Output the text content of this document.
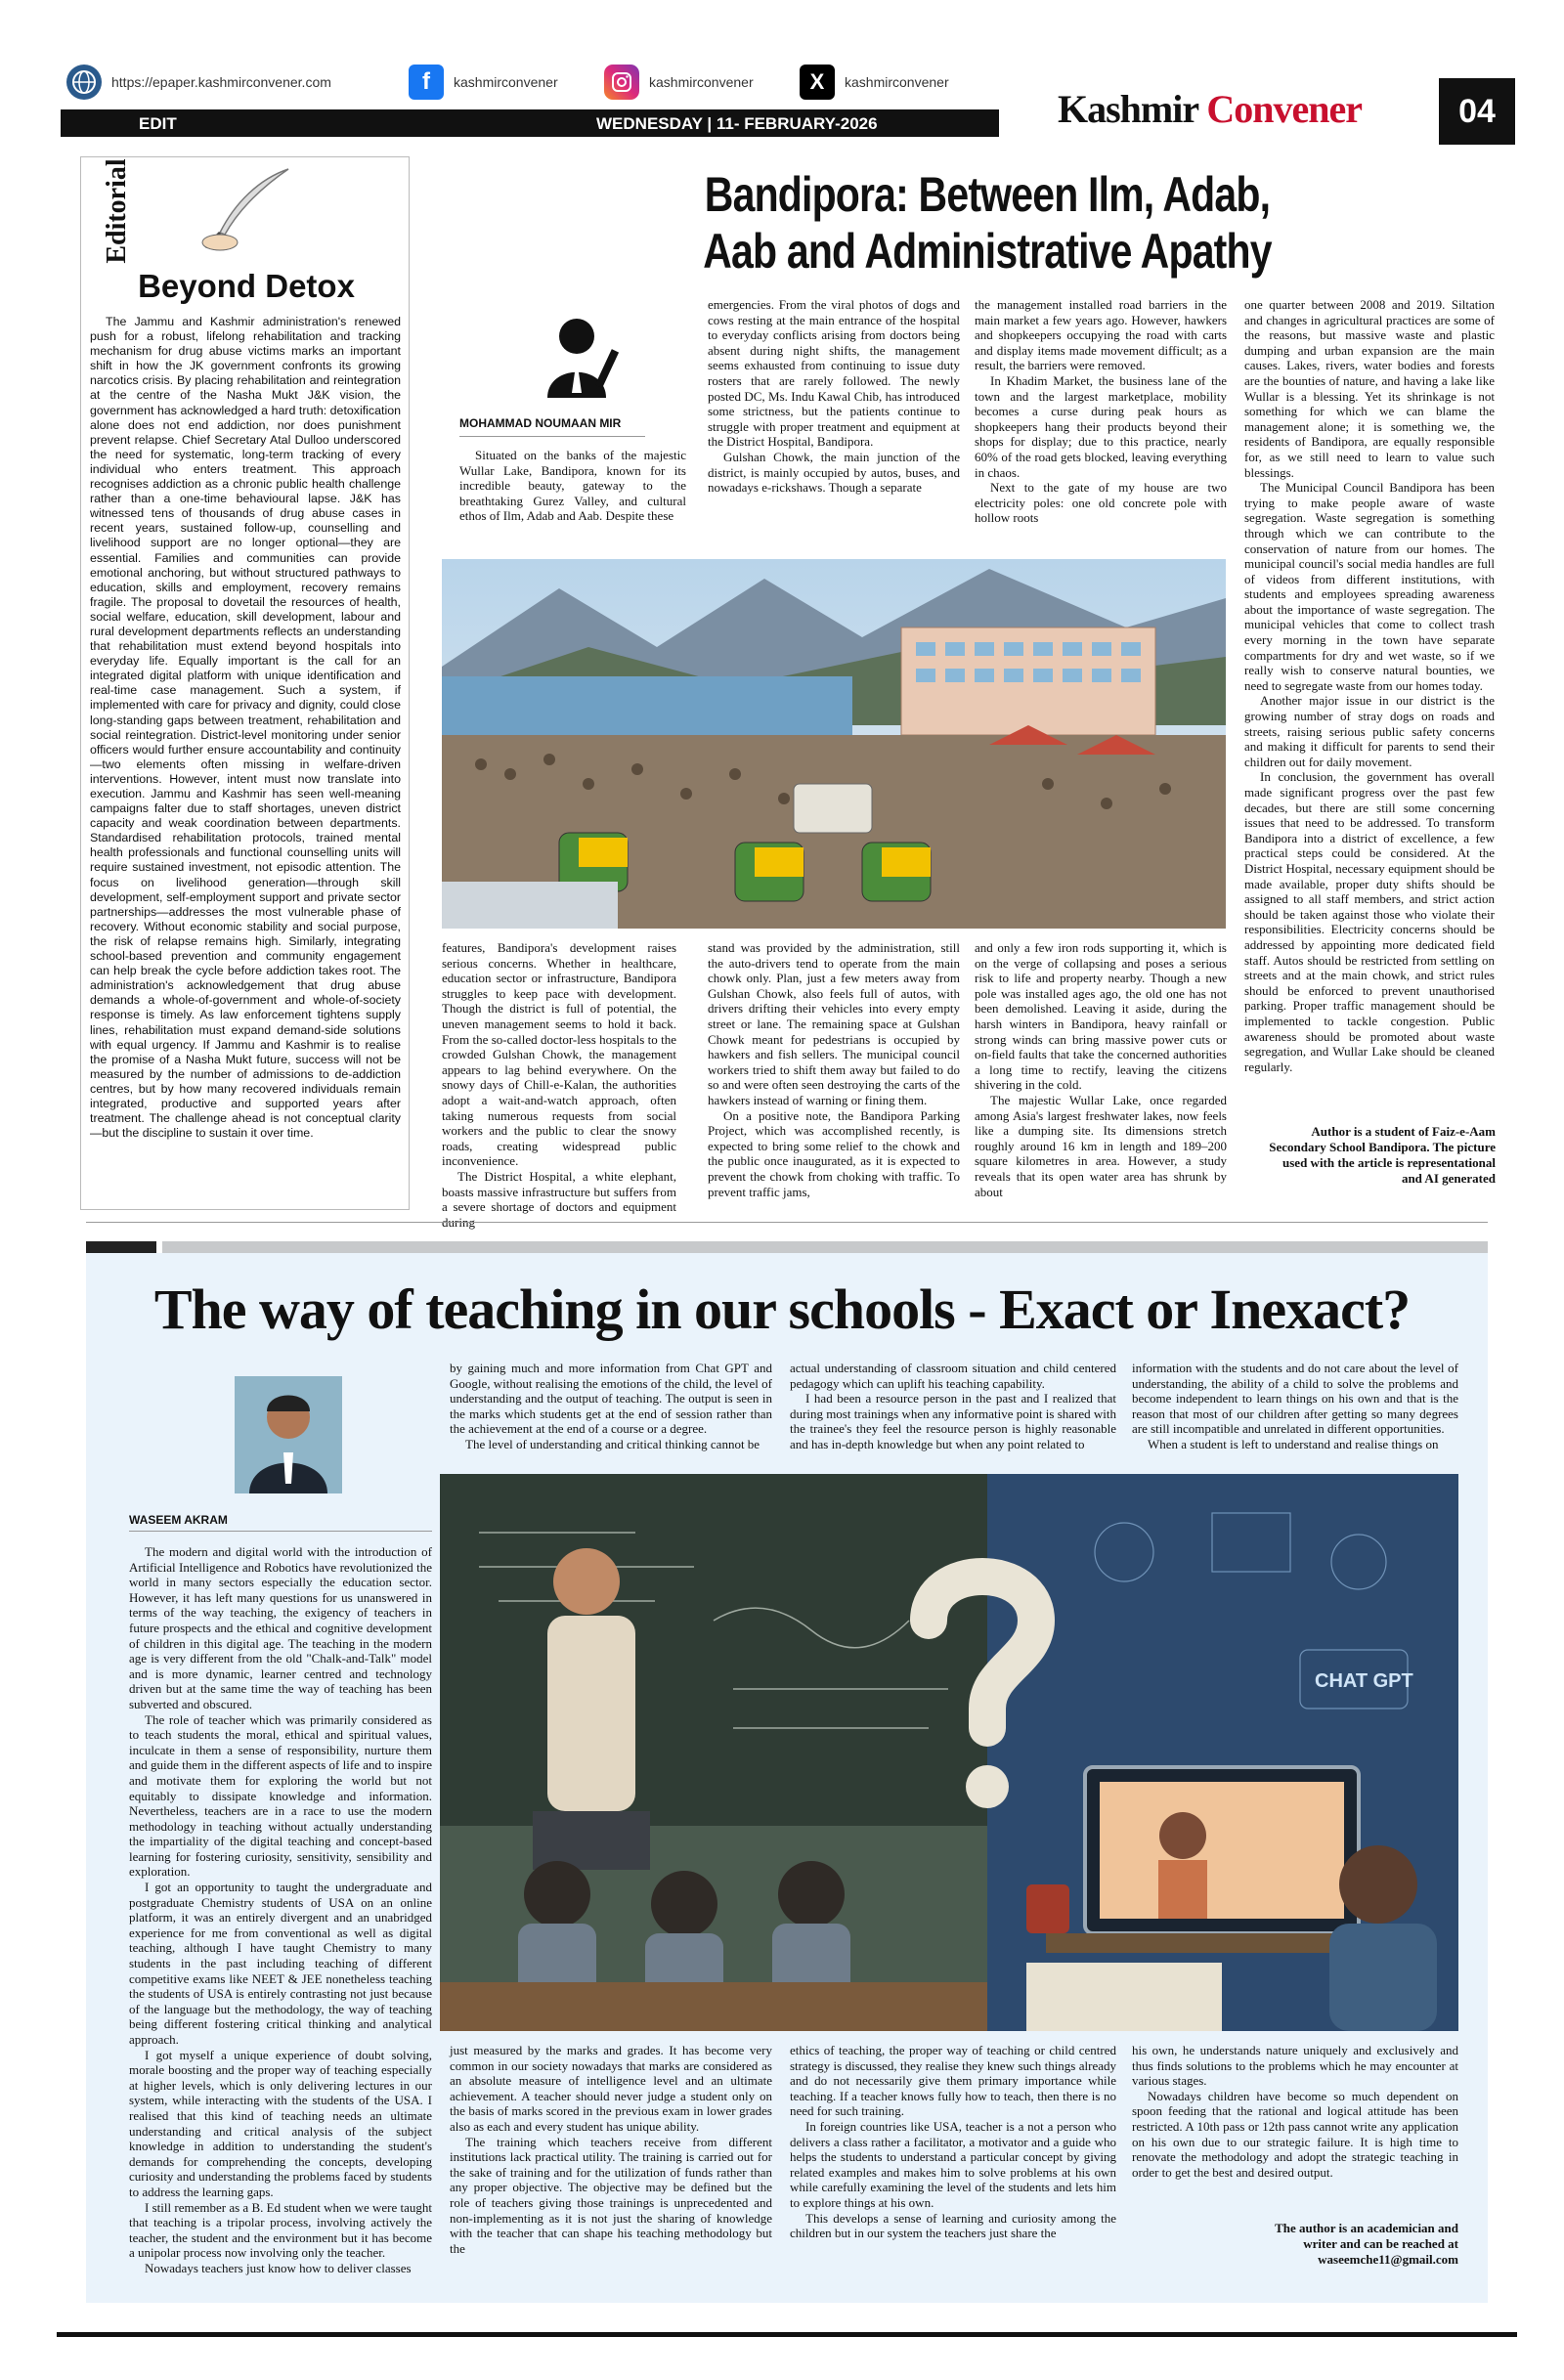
https://epaper.kashmirconvener.com	f	kashmirconvener	kashmirconvener	X	kashmirconvener
EDIT	WEDNESDAY | 11- FEBRUARY-2026	Kashmir Convener	04
Editorial
Beyond Detox

The Jammu and Kashmir administration's renewed push for a robust, lifelong rehabilitation and tracking mechanism for drug abuse victims marks an important shift in how the JK government confronts its growing narcotics crisis. By placing rehabilitation and reintegration at the centre of the Nasha Mukt J&K vision, the government has acknowledged a hard truth: detoxification alone does not end addiction, nor does punishment prevent relapse. Chief Secretary Atal Dulloo underscored the need for systematic, long-term tracking of every individual who enters treatment. This approach recognises addiction as a chronic public health challenge rather than a one-time behavioural lapse. J&K has witnessed tens of thousands of drug abuse cases in recent years, sustained follow-up, counselling and livelihood support are no longer optional—they are essential. Families and communities can provide emotional anchoring, but without structured pathways to education, skills and employment, recovery remains fragile. The proposal to dovetail the resources of health, social welfare, education, skill development, labour and rural development departments reflects an understanding that rehabilitation must extend beyond hospitals into everyday life. Equally important is the call for an integrated digital platform with unique identification and real-time case management. Such a system, if implemented with care for privacy and dignity, could close long-standing gaps between treatment, rehabilitation and social reintegration. District-level monitoring under senior officers would further ensure accountability and continuity—two elements often missing in welfare-driven interventions. However, intent must now translate into execution. Jammu and Kashmir has seen well-meaning campaigns falter due to staff shortages, uneven district capacity and weak coordination between departments. Standardised rehabilitation protocols, trained mental health professionals and functional counselling units will require sustained investment, not episodic attention. The focus on livelihood generation—through skill development, self-employment support and private sector partnerships—addresses the most vulnerable phase of recovery. Without economic stability and social purpose, the risk of relapse remains high. Similarly, integrating school-based prevention and community engagement can help break the cycle before addiction takes root. The administration's acknowledgement that drug abuse demands a whole-of-government and whole-of-society response is timely. As law enforcement tightens supply lines, rehabilitation must expand demand-side solutions with equal urgency. If Jammu and Kashmir is to realise the promise of a Nasha Mukt future, success will not be measured by the number of admissions to de-addiction centres, but by how many recovered individuals remain integrated, productive and supported years after treatment. The challenge ahead is not conceptual clarity—but the discipline to sustain it over time.

Bandipora: Between Ilm, Adab,
Aab and Administrative Apathy
MOHAMMAD NOUMAAN MIR

Situated on the banks of the majestic Wullar Lake, Bandipora, known for its incredible beauty, gateway to the breathtaking Gurez Valley, and cultural ethos of Ilm, Adab and Aab. Despite these

emergencies. From the viral photos of dogs and cows resting at the main entrance of the hospital to everyday conflicts arising from doctors being absent during night shifts, the management seems exhausted from continuing to issue duty rosters that are rarely followed. The newly posted DC, Ms. Indu Kawal Chib, has introduced some strictness, but the patients continue to struggle with proper treatment and equipment at the District Hospital, Bandipora.

Gulshan Chowk, the main junction of the district, is mainly occupied by autos, buses, and nowadays e-rickshaws. Though a separate

the management installed road barriers in the main market a few years ago. However, hawkers and shopkeepers occupying the road with carts and display items made movement difficult; as a result, the barriers were removed.

In Khadim Market, the business lane of the town and the largest marketplace, mobility becomes a curse during peak hours as shopkeepers hang their products beyond their shops for display; due to this practice, nearly 60% of the road gets blocked, leaving everything in chaos.

Next to the gate of my house are two electricity poles: one old concrete pole with hollow roots

features, Bandipora's development raises serious concerns. Whether in healthcare, education sector or infrastructure, Bandipora struggles to keep pace with development. Though the district is full of potential, the uneven management seems to hold it back. From the so-called doctor-less hospitals to the crowded Gulshan Chowk, the management appears to lag behind everywhere. On the snowy days of Chill-e-Kalan, the authorities adopt a wait-and-watch approach, often taking numerous requests from social workers and the public to clear the snowy roads, creating widespread public inconvenience.

The District Hospital, a white elephant, boasts massive infrastructure but suffers from a severe shortage of doctors and equipment during

stand was provided by the administration, still the auto-drivers tend to operate from the main chowk only. Plan, just a few meters away from Gulshan Chowk, also feels full of autos, with drivers drifting their vehicles into every empty street or lane. The remaining space at Gulshan Chowk meant for pedestrians is occupied by hawkers and fish sellers. The municipal council workers tried to shift them away but failed to do so and were often seen destroying the carts of the hawkers instead of warning or fining them.

On a positive note, the Bandipora Parking Project, which was accomplished recently, is expected to bring some relief to the chowk and the public once inaugurated, as it is expected to prevent the chowk from choking with traffic. To prevent traffic jams,

and only a few iron rods supporting it, which is on the verge of collapsing and poses a serious risk to life and property nearby. Though a new pole was installed ages ago, the old one has not been demolished. Leaving it aside, during the harsh winters in Bandipora, heavy rainfall or strong winds can bring massive power cuts or on-field faults that take the concerned authorities a long time to rectify, leaving the citizens shivering in the cold.

The majestic Wullar Lake, once regarded among Asia's largest freshwater lakes, now feels like a dumping site. Its dimensions stretch roughly around 16 km in length and 189–200 square kilometres in area. However, a study reveals that its open water area has shrunk by about

one quarter between 2008 and 2019. Siltation and changes in agricultural practices are some of the reasons, but massive waste and plastic dumping and urban expansion are the main causes. Lakes, rivers, water bodies and forests are the bounties of nature, and having a lake like Wullar is a blessing. Yet its shrinkage is not something for which we can blame the management alone; it is something we, the residents of Bandipora, are equally responsible for, as we still need to learn to value such blessings.

The Municipal Council Bandipora has been trying to make people aware of waste segregation. Waste segregation is something through which we can contribute to the conservation of nature from our homes. The municipal council's social media handles are full of videos from different institutions, with students and employees spreading awareness about the importance of waste segregation. The municipal vehicles that come to collect trash every morning in the town have separate compartments for dry and wet waste, so if we really wish to conserve natural bounties, we need to segregate waste from our homes today.

Another major issue in our district is the growing number of stray dogs on roads and streets, raising serious public safety concerns and making it difficult for parents to send their children out for daily movement.

In conclusion, the government has overall made significant progress over the past few decades, but there are still some concerning issues that need to be addressed. To transform Bandipora into a district of excellence, a few practical steps could be considered. At the District Hospital, necessary equipment should be made available, proper duty shifts should be assigned to all staff members, and strict action should be taken against those who violate their responsibilities. Electricity concerns should be addressed by appointing more dedicated field staff. Autos should be restricted from settling on streets and at the main chowk, and strict rules should be enforced to prevent unauthorised parking. Proper traffic management should be implemented to tackle congestion. Public awareness should be promoted about waste segregation, and Wullar Lake should be cleaned regularly.

Author is a student of Faiz-e-Aam Secondary School Bandipora. The picture used with the article is representational and AI generated
The way of teaching in our schools - Exact or Inexact?
WASEEM AKRAM

by gaining much and more information from Chat GPT and Google, without realising the emotions of the child, the level of understanding and the output of teaching. The output is seen in the marks which students get at the end of session rather than the achievement at the end of a course or a degree.

The level of understanding and critical thinking cannot be

actual understanding of classroom situation and child centered pedagogy which can uplift his teaching capability.

I had been a resource person in the past and I realized that during most trainings when any informative point is shared with the trainee's they feel the resource person is highly reasonable and has in-depth knowledge but when any point related to

information with the students and do not care about the level of understanding, the ability of a child to solve the problems and become independent to learn things on his own and that is the reason that most of our children after getting so many degrees are still incompatible and unrelated in different opportunities.

When a student is left to understand and realise things on

CHAT GPT

The modern and digital world with the introduction of Artificial Intelligence and Robotics have revolutionized the world in many sectors especially the education sector. However, it has left many questions for us unanswered in terms of the way teaching, the exigency of teachers in future prospects and the ethical and cognitive development of children in this digital age. The teaching in the modern age is very different from the old "Chalk-and-Talk" model and is more dynamic, learner centred and technology driven but at the same time the way of teaching has been subverted and obscured.

The role of teacher which was primarily considered as to teach students the moral, ethical and spiritual values, inculcate in them a sense of responsibility, nurture them and guide them in the different aspects of life and to inspire and motivate them for exploring the world but not equitably to dissipate knowledge and information. Nevertheless, teachers are in a race to use the modern methodology in teaching without actually understanding the impartiality of the digital teaching and concept-based learning for fostering curiosity, sensitivity, sensibility and exploration.

I got an opportunity to taught the undergraduate and postgraduate Chemistry students of USA on an online platform, it was an entirely divergent and an unabridged experience for me from conventional as well as digital teaching, although I have taught Chemistry to many students in the past including teaching of different competitive exams like NEET & JEE nonetheless teaching the students of USA is entirely contrasting not just because of the language but the methodology, the way of teaching being different fostering critical thinking and analytical approach.

I got myself a unique experience of doubt solving, morale boosting and the proper way of teaching especially at higher levels, which is only delivering lectures in our system, while interacting with the students of the USA. I realised that this kind of teaching needs an ultimate understanding and critical analysis of the subject knowledge in addition to understanding the student's demands for comprehending the concepts, developing curiosity and understanding the problems faced by students to address the learning gaps.

I still remember as a B. Ed student when we were taught that teaching is a tripolar process, involving actively the teacher, the student and the environment but it has become a unipolar process now involving only the teacher.

Nowadays teachers just know how to deliver classes

just measured by the marks and grades. It has become very common in our society nowadays that marks are considered as an absolute measure of intelligence level and an ultimate achievement. A teacher should never judge a student only on the basis of marks scored in the previous exam in lower grades also as each and every student has unique ability.

The training which teachers receive from different institutions lack practical utility. The training is carried out for the sake of training and for the utilization of funds rather than any proper objective. The objective may be defined but the role of teachers giving those trainings is unprecedented and non-implementing as it is not just the sharing of knowledge with the teacher that can shape his teaching methodology but the

ethics of teaching, the proper way of teaching or child centred strategy is discussed, they realise they knew such things already and do not necessarily give them primary importance while teaching. If a teacher knows fully how to teach, then there is no need for such training.

In foreign countries like USA, teacher is a not a person who delivers a class rather a facilitator, a motivator and a guide who helps the students to understand a particular concept by giving related examples and makes him to solve problems at his own while carefully examining the level of the students and lets him to explore things at his own.

This develops a sense of learning and curiosity among the children but in our system the teachers just share the

his own, he understands nature uniquely and exclusively and thus finds solutions to the problems which he may encounter at various stages.

Nowadays children have become so much dependent on spoon feeding that the rational and logical attitude has been restricted. A 10th pass or 12th pass cannot write any application on his own due to our strategic failure. It is high time to renovate the methodology and adopt the strategic teaching in order to get the best and desired output.

The author is an academician and writer and can be reached at waseemche11@gmail.com
